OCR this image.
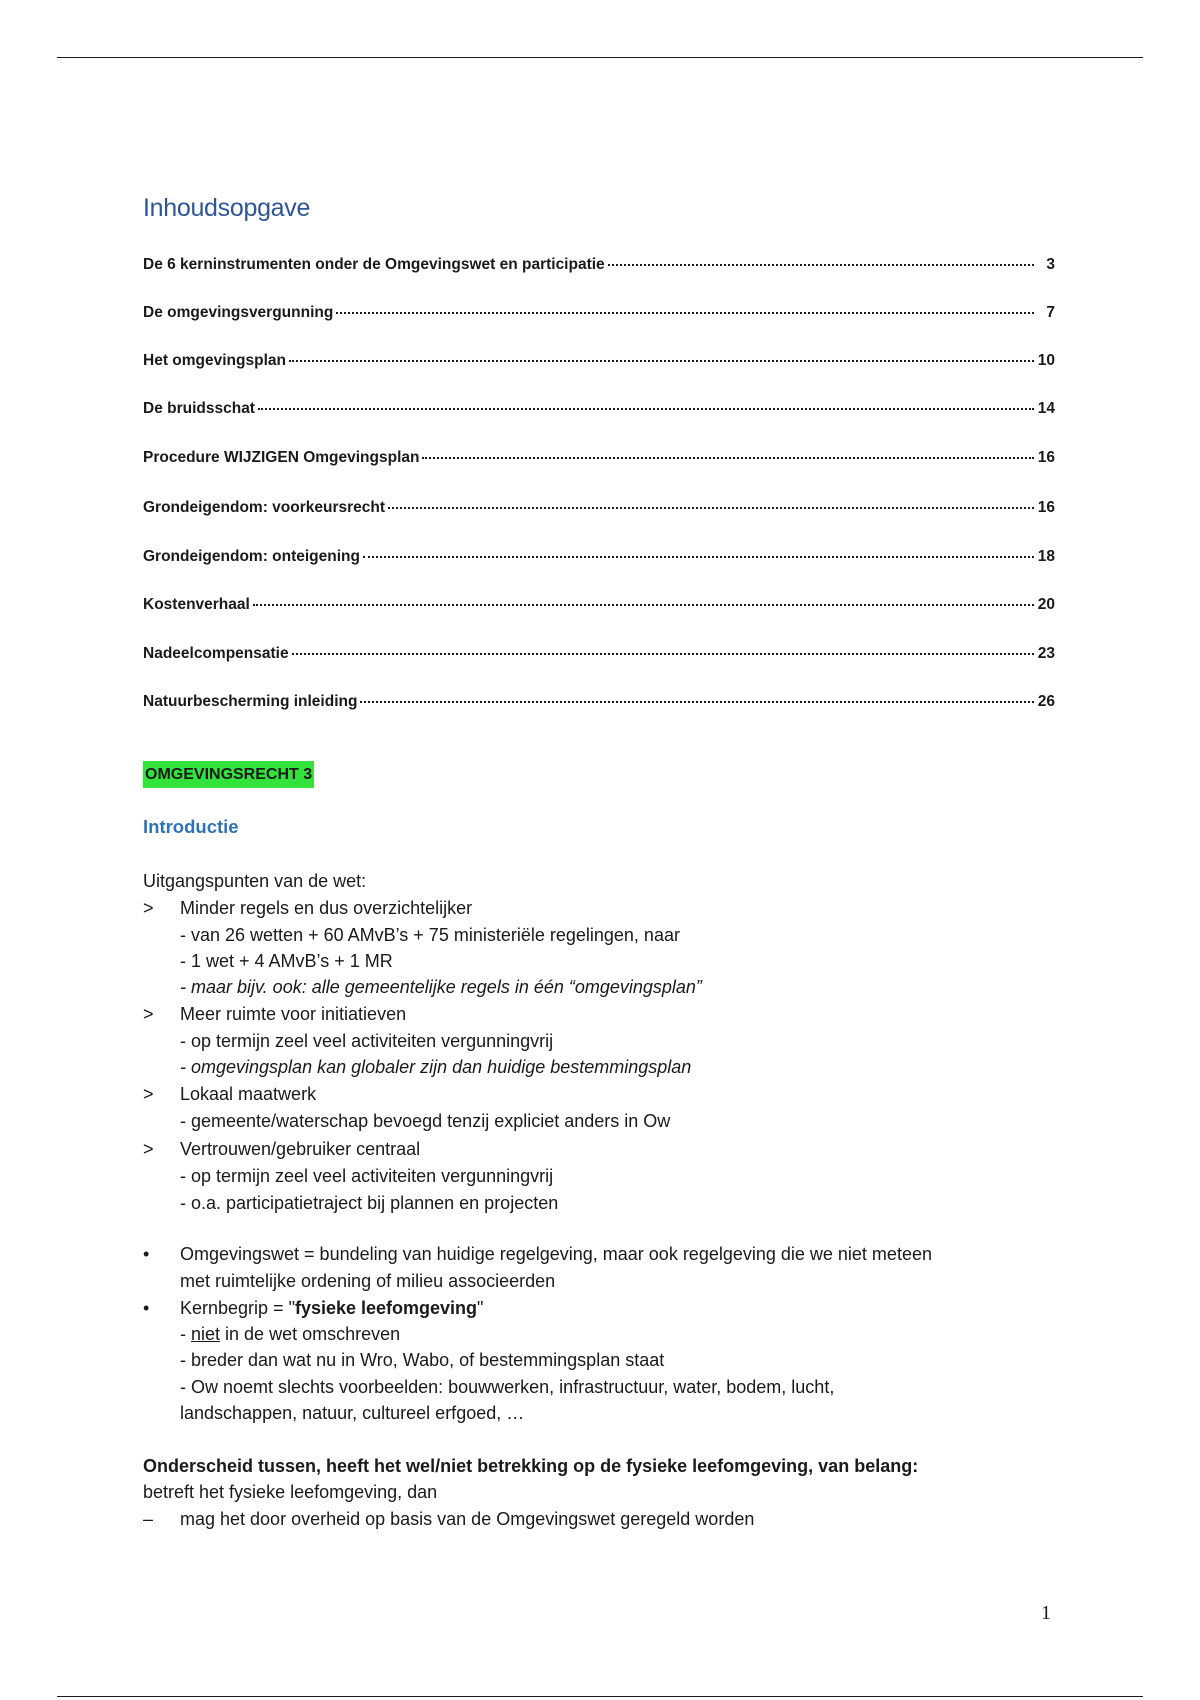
Inhoudsopgave
De 6 kerninstrumenten onder de Omgevingswet en participatie	3
De omgevingsvergunning	7
Het omgevingsplan	10
De bruidsschat	14
Procedure WIJZIGEN Omgevingsplan	16
Grondeigendom: voorkeursrecht	16
Grondeigendom: onteigening	18
Kostenverhaal	20
Nadeelcompensatie	23
Natuurbescherming inleiding	26
OMGEVINGSRECHT 3
Introductie
Uitgangspunten van de wet:
>	Minder regels en dus overzichtelijker
- van 26 wetten + 60 AMvB’s + 75 ministeriële regelingen, naar
- 1 wet + 4 AMvB’s + 1 MR
- maar bijv. ook: alle gemeentelijke regels in één “omgevingsplan”
>	Meer ruimte voor initiatieven
- op termijn zeel veel activiteiten vergunningvrij
- omgevingsplan kan globaler zijn dan huidige bestemmingsplan
>	Lokaal maatwerk
- gemeente/waterschap bevoegd tenzij expliciet anders in Ow
>	Vertrouwen/gebruiker centraal
- op termijn zeel veel activiteiten vergunningvrij
- o.a. participatietraject bij plannen en projecten
•	Omgevingswet = bundeling van huidige regelgeving, maar ook regelgeving die we niet meteen
met ruimtelijke ordening of milieu associeerden
•	Kernbegrip = "fysieke leefomgeving"
- niet in de wet omschreven
- breder dan wat nu in Wro, Wabo, of bestemmingsplan staat
- Ow noemt slechts voorbeelden: bouwwerken, infrastructuur, water, bodem, lucht,
landschappen, natuur, cultureel erfgoed, …
Onderscheid tussen, heeft het wel/niet betrekking op de fysieke leefomgeving, van belang:
betreft het fysieke leefomgeving, dan
–	mag het door overheid op basis van de Omgevingswet geregeld worden
1
